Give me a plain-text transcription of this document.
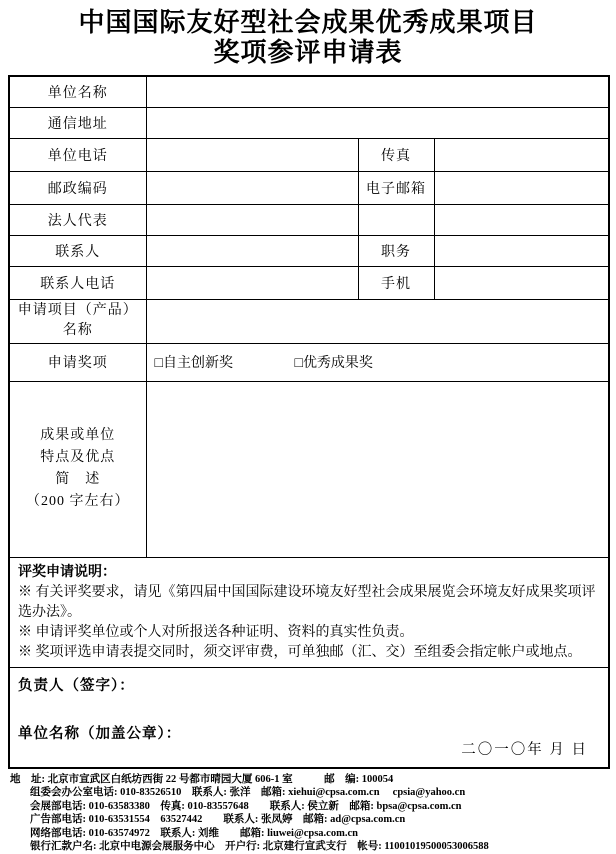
中国国际友好型社会成果优秀成果项目
奖项参评申请表
单位名称			
通信地址			
单位电话		传真	
邮政编码		电子邮箱	
法人代表			
联系人		职务	
联系人电话		手机	

申请项目（产品）
名称			

申请奖项	□自主创新奖 □优秀成果奖		

成果或单位
特点及优点
简　述
（200 字左右）			

评奖申请说明：
※ 有关评奖要求，请见《第四届中国国际建设环境友好型社会成果展览会环境友好成果奖项评选办法》。
※ 申请评奖单位或个人对所报送各种证明、资料的真实性负责。
※ 奖项评选申请表提交同时，须交评审费，可单独邮（汇、交）至组委会指定帐户或地点。			

负责人（签字）：
单位名称（加盖公章）：
二〇一〇年 月 日			
地　址: 北京市宣武区白纸坊西街 22 号都市晴园大厦 606-1 室　　　邮　编: 100054
组委会办公室电话: 010-83526510　联系人: 张洋　邮箱: xiehui@cpsa.com.cn　 cpsia@yahoo.cn
会展部电话: 010-63583380　传真: 010-83557648　　联系人: 侯立新　邮箱: bpsa@cpsa.com.cn
广告部电话: 010-63531554　63527442　　联系人: 张凤婷　邮箱: ad@cpsa.com.cn
网络部电话: 010-63574972　联系人: 刘维　　邮箱: liuwei@cpsa.com.cn
银行汇款户名: 北京中电源会展服务中心　开户行: 北京建行宣武支行　帐号: 11001019500053006588
